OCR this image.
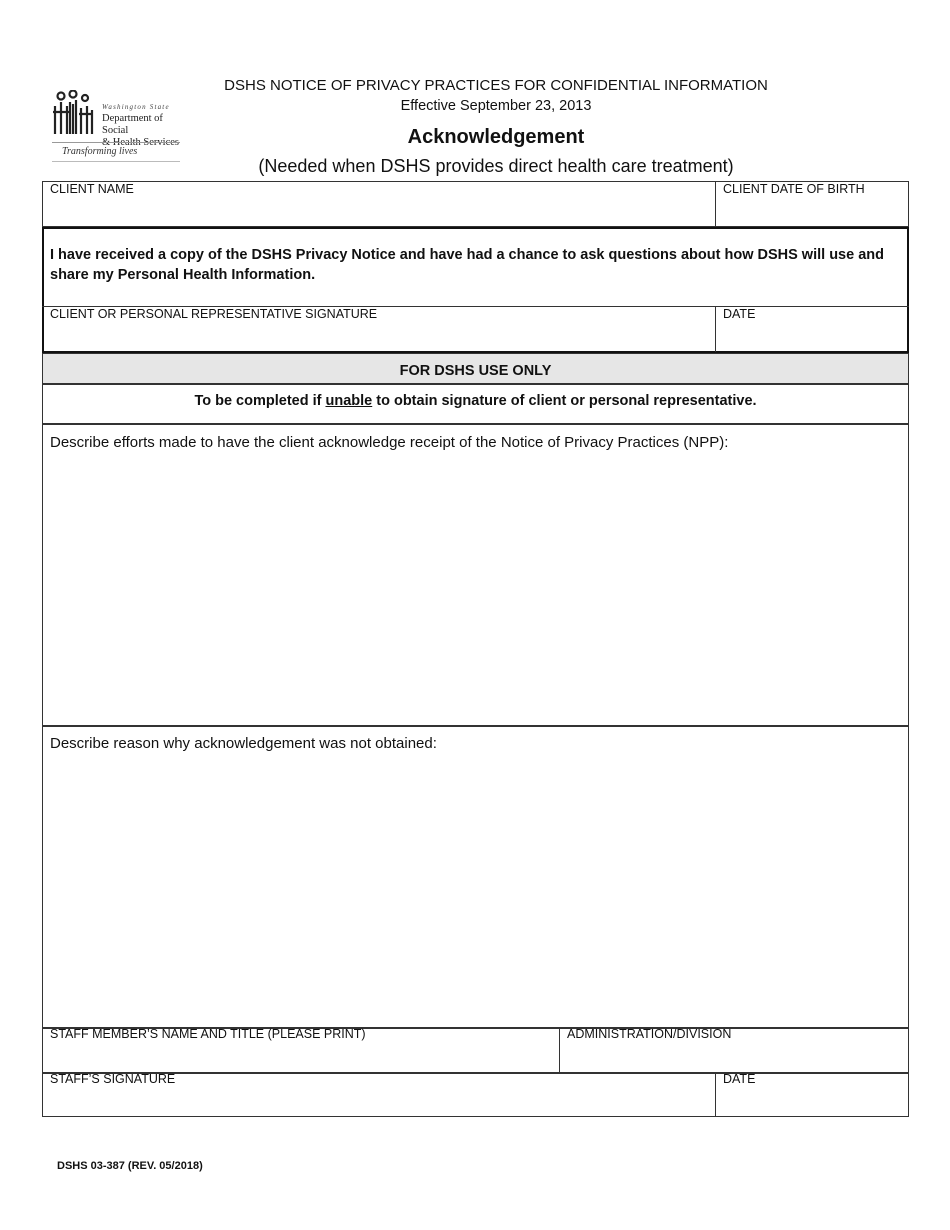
Washington State
Department of Social
& Health Services
Transforming lives
DSHS NOTICE OF PRIVACY PRACTICES FOR CONFIDENTIAL INFORMATION
Effective September 23, 2013
Acknowledgement
(Needed when DSHS provides direct health care treatment)
CLIENT NAME	CLIENT DATE OF BIRTH
I have received a copy of the DSHS Privacy Notice and have had a chance to ask questions about how DSHS will use and share my Personal Health Information.
CLIENT OR PERSONAL REPRESENTATIVE SIGNATURE	DATE
FOR DSHS USE ONLY
To be completed if unable to obtain signature of client or personal representative.
Describe efforts made to have the client acknowledge receipt of the Notice of Privacy Practices (NPP):
Describe reason why acknowledgement was not obtained:
STAFF MEMBER’S NAME AND TITLE (PLEASE PRINT)	ADMINISTRATION/DIVISION
STAFF’S SIGNATURE	DATE
DSHS 03-387 (REV. 05/2018)
